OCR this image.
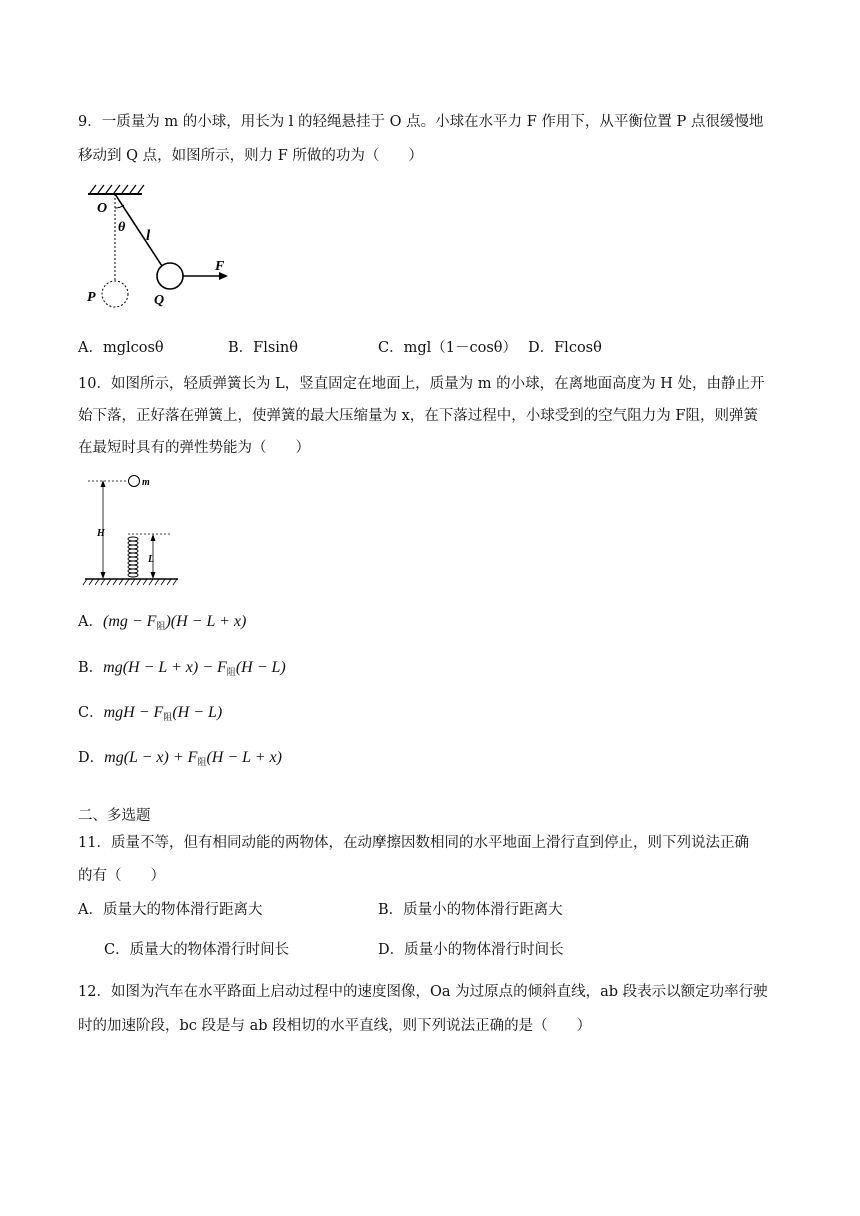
9．一质量为 m 的小球，用长为 l 的轻绳悬挂于 O 点。小球在水平力 F 作用下，从平衡位置 P 点很缓慢地
移动到 Q 点，如图所示，则力 F 所做的功为（　　）
O
θ
l
F
P	Q
A．mglcosθ	B．Flsinθ	C．mgl（1－cosθ） D．Flcosθ
10．如图所示，轻质弹簧长为 L，竖直固定在地面上，质量为 m 的小球，在离地面高度为 H 处，由静止开
始下落，正好落在弹簧上，使弹簧的最大压缩量为 x，在下落过程中，小球受到的空气阻力为 F阻，则弹簧
在最短时具有的弹性势能为（　　）
m
H
L
A．$(mg - F_阻)(H - L + x)$
B．$mg(H - L + x) - F_阻(H - L)$
C．mgH − $F_阻(H - L)$
D．$mg(L - x) + F_阻(H - L + x)$
二、多选题
11．质量不等，但有相同动能的两物体，在动摩擦因数相同的水平地面上滑行直到停止，则下列说法正确
的有（　　）
A．质量大的物体滑行距离大	B．质量小的物体滑行距离大
C．质量大的物体滑行时间长	D．质量小的物体滑行时间长
12．如图为汽车在水平路面上启动过程中的速度图像，Oa 为过原点的倾斜直线，ab 段表示以额定功率行驶
时的加速阶段，bc 段是与 ab 段相切的水平直线，则下列说法正确的是（　　）
